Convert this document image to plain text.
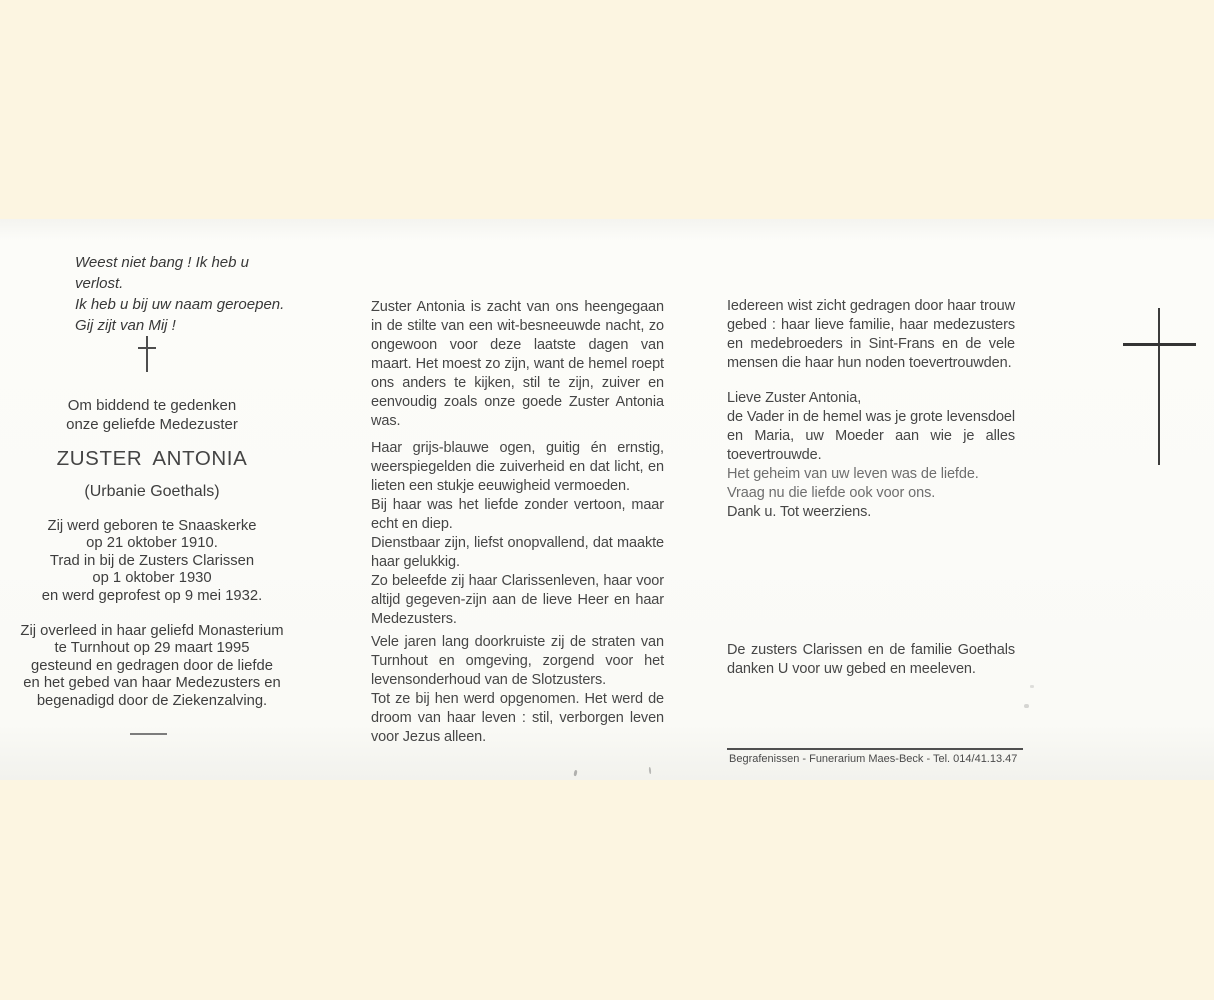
Weest niet bang ! Ik heb u verlost.
Ik heb u bij uw naam geroepen.
Gij zijt van Mij !
Om biddend te gedenken
onze geliefde Medezuster
ZUSTER ANTONIA
(Urbanie Goethals)
Zij werd geboren te Snaaskerke
op 21 oktober 1910.
Trad in bij de Zusters Clarissen
op 1 oktober 1930
en werd geprofest op 9 mei 1932.
Zij overleed in haar geliefd Monasterium
te Turnhout op 29 maart 1995
gesteund en gedragen door de liefde
en het gebed van haar Medezusters en
begenadigd door de Ziekenzalving.
Zuster Antonia is zacht van ons heengegaan in de stilte van een wit-besneeuwde nacht, zo ongewoon voor deze laatste dagen van maart. Het moest zo zijn, want de hemel roept ons anders te kijken, stil te zijn, zuiver en eenvoudig zoals onze goede Zuster Antonia was.
Haar grijs-blauwe ogen, guitig én ernstig, weerspiegelden die zuiverheid en dat licht, en lieten een stukje eeuwigheid vermoeden.
Bij haar was het liefde zonder vertoon, maar echt en diep.
Dienstbaar zijn, liefst onopvallend, dat maakte haar gelukkig.
Zo beleefde zij haar Clarissenleven, haar voor altijd gegeven-zijn aan de lieve Heer en haar Medezusters.
Vele jaren lang doorkruiste zij de straten van Turnhout en omgeving, zorgend voor het levensonderhoud van de Slotzusters.
Tot ze bij hen werd opgenomen. Het werd de droom van haar leven : stil, verborgen leven voor Jezus alleen.
Iedereen wist zicht gedragen door haar trouw gebed : haar lieve familie, haar medezusters en medebroeders in Sint-Frans en de vele mensen die haar hun noden toevertrouwden.
Lieve Zuster Antonia,
de Vader in de hemel was je grote levensdoel en Maria, uw Moeder aan wie je alles toevertrouwde.
Het geheim van uw leven was de liefde.
Vraag nu die liefde ook voor ons.
Dank u. Tot weerziens.
De zusters Clarissen en de familie Goethals danken U voor uw gebed en meeleven.
Begrafenissen - Funerarium Maes-Beck - Tel. 014/41.13.47
